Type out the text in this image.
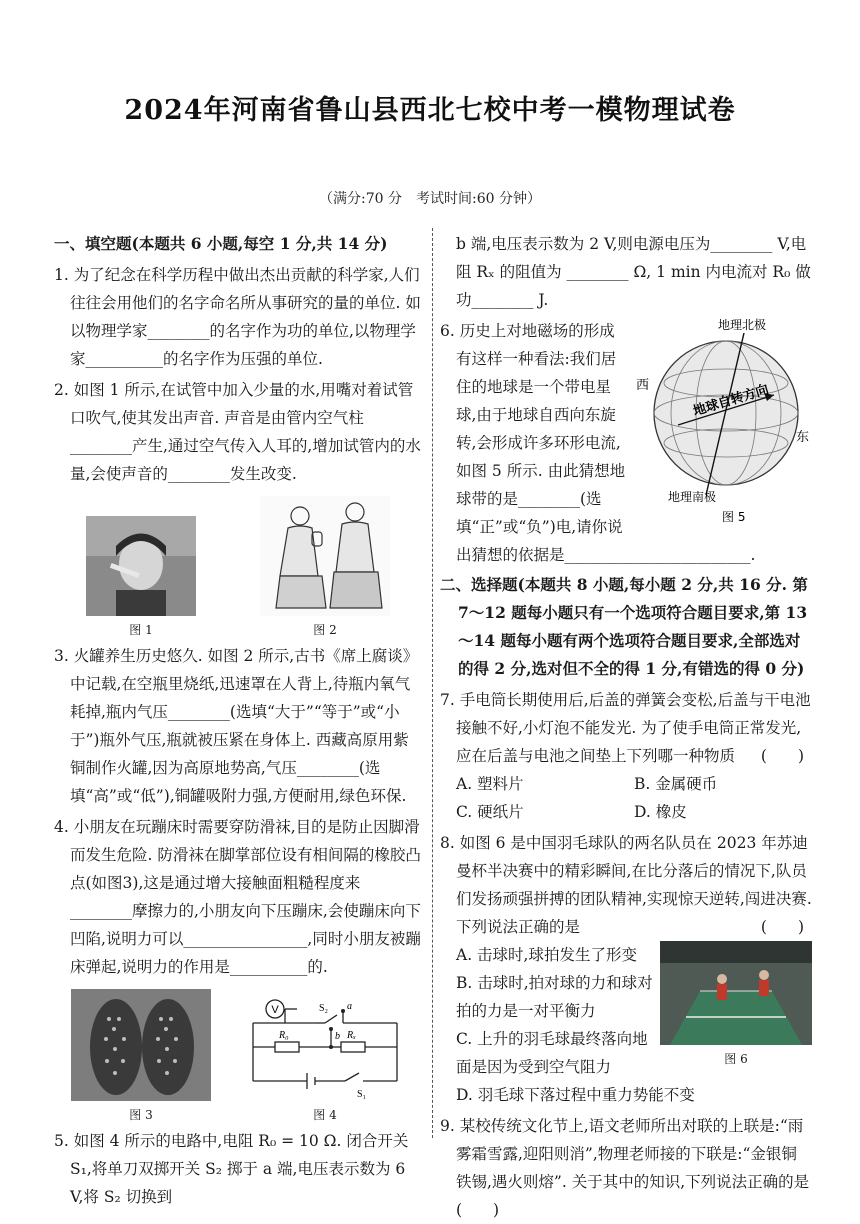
2024年河南省鲁山县西北七校中考一模物理试卷
（满分:70 分　考试时间:60 分钟）
一、填空题(本题共 6 小题,每空 1 分,共 14 分)
1. 为了纪念在科学历程中做出杰出贡献的科学家,人们往往会用他们的名字命名所从事研究的量的单位. 如以物理学家________的名字作为功的单位,以物理学家__________的名字作为压强的单位.
2. 如图 1 所示,在试管中加入少量的水,用嘴对着试管口吹气,使其发出声音. 声音是由管内空气柱________产生,通过空气传入人耳的,增加试管内的水量,会使声音的________发生改变.
图 1	图 2
3. 火罐养生历史悠久. 如图 2 所示,古书《席上腐谈》中记载,在空瓶里烧纸,迅速罩在人背上,待瓶内氧气耗掉,瓶内气压________(选填“大于”“等于”或“小于”)瓶外气压,瓶就被压紧在身体上. 西藏高原用紫铜制作火罐,因为高原地势高,气压________(选填“高”或“低”),铜罐吸附力强,方便耐用,绿色环保.
4. 小朋友在玩蹦床时需要穿防滑袜,目的是防止因脚滑而发生危险. 防滑袜在脚掌部位设有相间隔的橡胶凸点(如图3),这是通过增大接触面粗糙程度来________摩擦力的,小朋友向下压蹦床,会使蹦床向下凹陷,说明力可以________________,同时小朋友被蹦床弹起,说明力的作用是__________的.
图 3
V	S₂ a
b
R₀	Rₓ
S₁
图 4
5. 如图 4 所示的电路中,电阻 R₀ = 10 Ω. 闭合开关 S₁,将单刀双掷开关 S₂ 掷于 a 端,电压表示数为 6 V,将 S₂ 切换到
b 端,电压表示数为 2 V,则电源电压为________ V,电阻 Rₓ 的阻值为 ________ Ω, 1 min 内电流对 R₀ 做功________ J.
地理北极
西
东
地球自转方向
地理南极
图 5
6. 历史上对地磁场的形成有这样一种看法:我们居住的地球是一个带电星球,由于地球自西向东旋转,会形成许多环形电流,如图 5 所示. 由此猜想地球带的是________(选填“正”或“负”)电,请你说出猜想的依据是________________________.
二、选择题(本题共 8 小题,每小题 2 分,共 16 分. 第 7～12 题每小题只有一个选项符合题目要求,第 13～14 题每小题有两个选项符合题目要求,全部选对的得 2 分,选对但不全的得 1 分,有错选的得 0 分)
7. 手电筒长期使用后,后盖的弹簧会变松,后盖与干电池接触不好,小灯泡不能发光. 为了使手电筒正常发光,应在后盖与电池之间垫上下列哪一种物质 (　　)
A. 塑料片	B. 金属硬币
C. 硬纸片	D. 橡皮
8. 如图 6 是中国羽毛球队的两名队员在 2023 年苏迪曼杯半决赛中的精彩瞬间,在比分落后的情况下,队员们发扬顽强拼搏的团队精神,实现惊天逆转,闯进决赛. 下列说法正确的是	(　　)
图 6
A. 击球时,球拍发生了形变
B. 击球时,拍对球的力和球对拍的力是一对平衡力
C. 上升的羽毛球最终落向地面是因为受到空气阻力
D. 羽毛球下落过程中重力势能不变
9. 某校传统文化节上,语文老师所出对联的上联是:“雨雾霜雪露,迎阳则消”,物理老师接的下联是:“金银铜铁锡,遇火则熔”. 关于其中的知识,下列说法正确的是 (　　)
